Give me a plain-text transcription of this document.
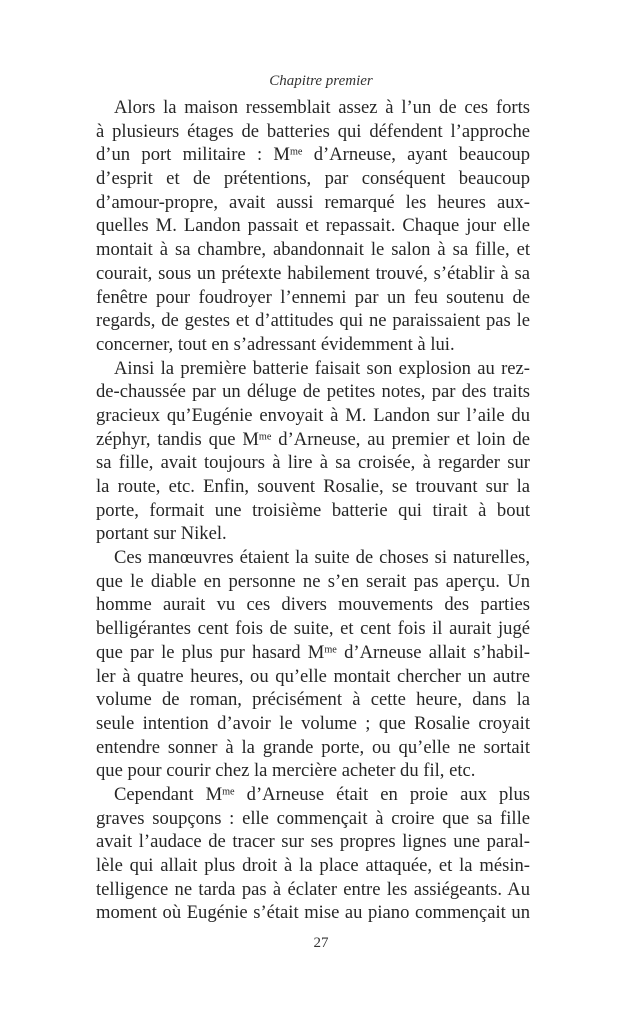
Chapitre premier
Alors la maison ressemblait assez à l’un de ces forts
à plusieurs étages de batteries qui défendent l’approche
d’un port militaire : $M^{me}$ d’Arneuse, ayant beaucoup
d’esprit et de prétentions, par conséquent beaucoup
d’amour-propre, avait aussi remarqué les heures aux-
quelles M. Landon passait et repassait. Chaque jour elle
montait à sa chambre, abandonnait le salon à sa fille, et
courait, sous un prétexte habilement trouvé, s’établir à sa
fenêtre pour foudroyer l’ennemi par un feu soutenu de
regards, de gestes et d’attitudes qui ne paraissaient pas le
concerner, tout en s’adressant évidemment à lui.
Ainsi la première batterie faisait son explosion au rez-
de-chaussée par un déluge de petites notes, par des traits
gracieux qu’Eugénie envoyait à M. Landon sur l’aile du
zéphyr, tandis que $M^{me}$ d’Arneuse, au premier et loin de
sa fille, avait toujours à lire à sa croisée, à regarder sur
la route, etc. Enfin, souvent Rosalie, se trouvant sur la
porte, formait une troisième batterie qui tirait à bout
portant sur Nikel.
Ces manœuvres étaient la suite de choses si naturelles,
que le diable en personne ne s’en serait pas aperçu. Un
homme aurait vu ces divers mouvements des parties
belligérantes cent fois de suite, et cent fois il aurait jugé
que par le plus pur hasard $M^{me}$ d’Arneuse allait s’habil-
ler à quatre heures, ou qu’elle montait chercher un autre
volume de roman, précisément à cette heure, dans la
seule intention d’avoir le volume ; que Rosalie croyait
entendre sonner à la grande porte, ou qu’elle ne sortait
que pour courir chez la mercière acheter du fil, etc.
Cependant $M^{me}$ d’Arneuse était en proie aux plus
graves soupçons : elle commençait à croire que sa fille
avait l’audace de tracer sur ses propres lignes une paral-
lèle qui allait plus droit à la place attaquée, et la mésin-
telligence ne tarda pas à éclater entre les assiégeants. Au
moment où Eugénie s’était mise au piano commençait un
27
